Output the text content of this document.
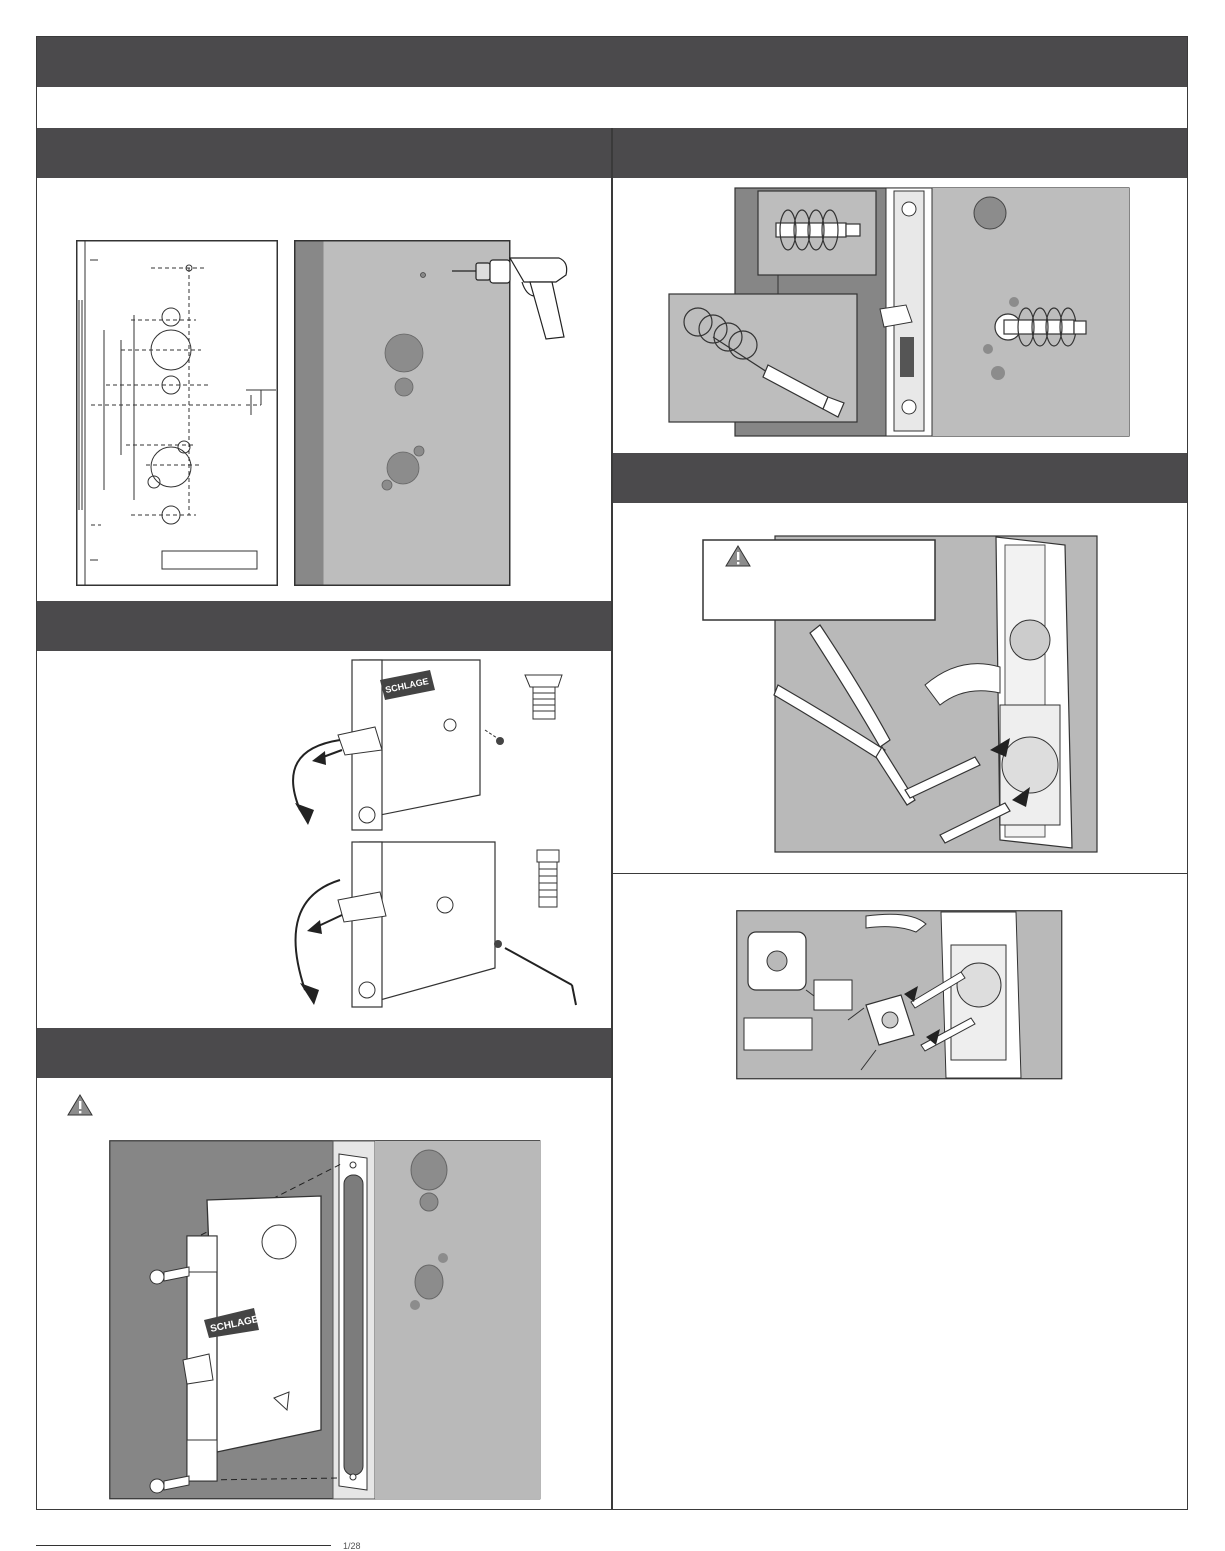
SCHLAGE
SCHLAGE
1/28
